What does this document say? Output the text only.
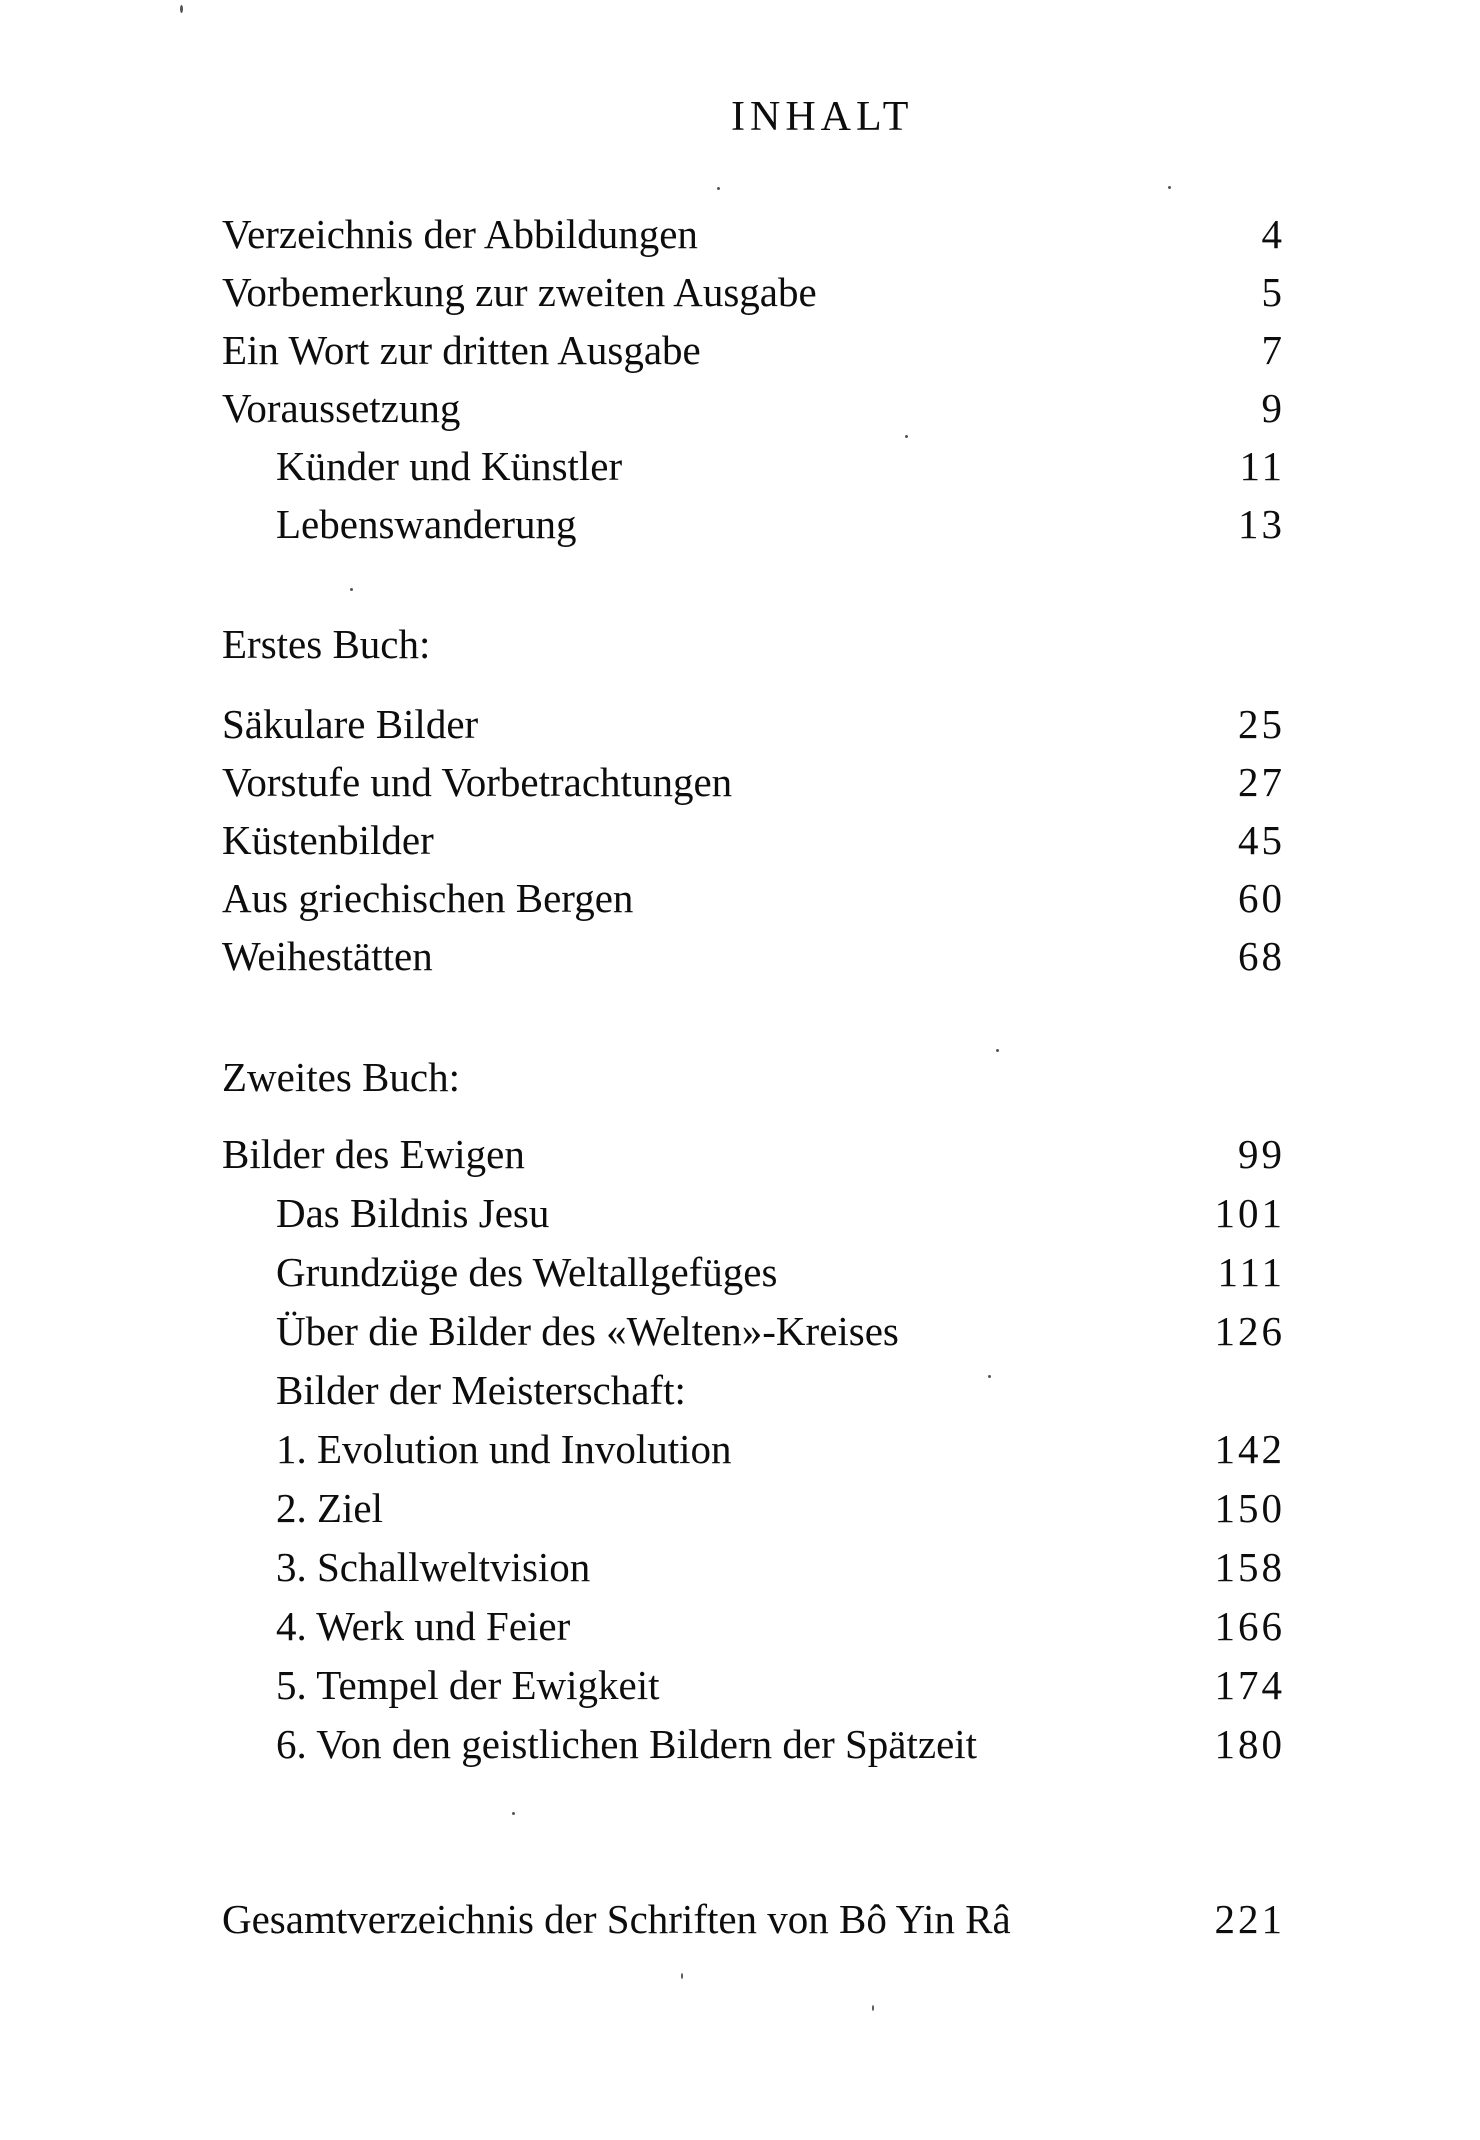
INHALT
Verzeichnis der Abbildungen	4
Vorbemerkung zur zweiten Ausgabe	5
Ein Wort zur dritten Ausgabe	7
Voraussetzung	9
Künder und Künstler	11
Lebenswanderung	13
Erstes Buch:
Säkulare Bilder	25
Vorstufe und Vorbetrachtungen	27
Küstenbilder	45
Aus griechischen Bergen	60
Weihestätten	68
Zweites Buch:
Bilder des Ewigen	99
Das Bildnis Jesu	101
Grundzüge des Weltallgefüges	111
Über die Bilder des «Welten»-Kreises	126
Bilder der Meisterschaft:
1. Evolution und Involution	142
2. Ziel	150
3. Schallweltvision	158
4. Werk und Feier	166
5. Tempel der Ewigkeit	174
6. Von den geistlichen Bildern der Spätzeit	180
Gesamtverzeichnis der Schriften von Bô Yin Râ	221
